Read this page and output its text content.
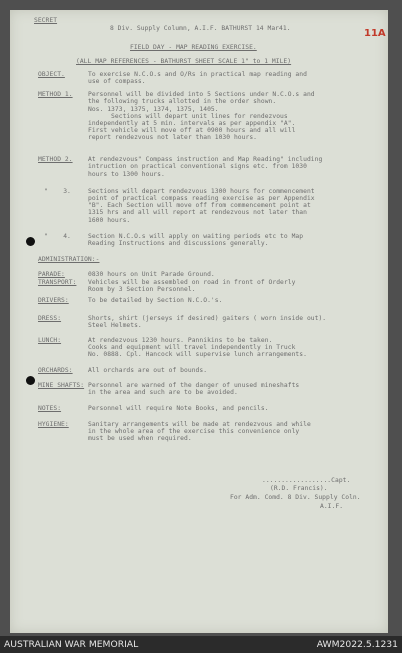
11A
SECRET
8 Div. Supply Column, A.I.F. BATHURST 14 Mar41.
FIELD DAY - MAP READING EXERCISE.
(ALL MAP REFERENCES - BATHURST SHEET SCALE 1" to 1 MILE)
OBJECT.	To exercise N.C.O.s and O/Rs in practical map reading and
use of compass.
METHOD 1. Personnel will be divided into 5 Sections under N.C.O.s and
the following trucks allotted in the order shown.
Nos. 1373, 1375, 1374, 1375, 1405.
Sections will depart unit lines for rendezvous
independently at 5 min. intervals as per appendix "A".
First vehicle will move off at 0900 hours and all will
report rendezvous not later than 1030 hours.
METHOD 2. At rendezvous" Compass instruction and Map Reading" including
intruction on practical conventional signs etc. from 1030
hours to 1300 hours.
"    3.	Sections will depart rendezvous 1300 hours for commencement
point of practical compass reading exercise as per Appendix
"B". Each Section will move off from commencement point at
1315 hrs and all will report at rendezvous not later than
1600 hours.
"    4.	Section N.C.O.s will apply on waiting periods etc to Map
Reading Instructions and discussions generally.
ADMINISTRATION:-
PARADE:	0830 hours on Unit Parade Ground.
TRANSPORT: Vehicles will be assembled on road in front of Orderly
Room by 3 Section Personnel.
DRIVERS:	To be detailed by Section N.C.O.'s.
DRESS:	Shorts, shirt (jerseys if desired) gaiters ( worn inside out).
Steel Helmets.
LUNCH:	At rendezvous 1230 hours. Pannikins to be taken.
Cooks and equipment will travel independently in Truck
No. 0888. Cpl. Hancock will supervise lunch arrangements.
ORCHARDS: All orchards are out of bounds.
MINE SHAFTS: Personnel are warned of the danger of unused mineshafts
in the area and such are to be avoided.
NOTES:	Personnel will require Note Books, and pencils.
HYGIENE:	Sanitary arrangements will be made at rendezvous and while
in the whole area of the exercise this convenience only
must be used when required.
..................Capt.
(R.D. Francis).
For Adm. Comd. 8 Div. Supply Coln.
A.I.F.
AUSTRALIAN WAR MEMORIAL	AWM2022.5.1231
